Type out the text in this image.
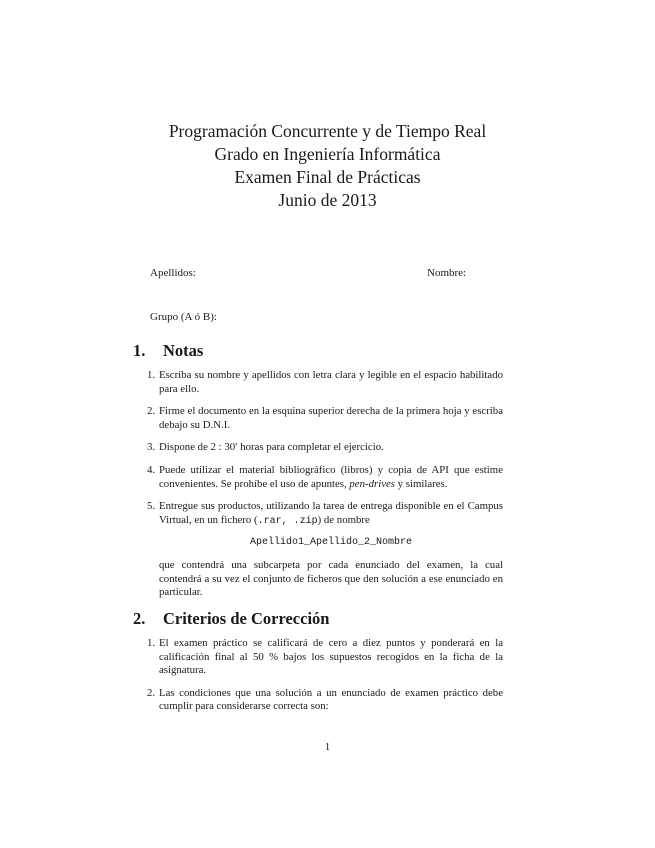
Programación Concurrente y de Tiempo Real
Grado en Ingeniería Informática
Examen Final de Prácticas
Junio de 2013
Apellidos:	Nombre:
Grupo (A ó B):
1. Notas
1. Escriba su nombre y apellidos con letra clara y legible en el espacio habilitado para ello.
2. Firme el documento en la esquina superior derecha de la primera hoja y escriba debajo su D.N.I.
3. Dispone de 2 : 30′ horas para completar el ejercicio.
4. Puede utilizar el material bibliográfico (libros) y copia de API que estime convenientes. Se prohíbe el uso de apuntes, pen-drives y similares.
5. Entregue sus productos, utilizando la tarea de entrega disponible en el Campus Virtual, en un fichero (.rar, .zip) de nombre
Apellido1_Apellido_2_Nombre
que contendrá una subcarpeta por cada enunciado del examen, la cual contendrá a su vez el conjunto de ficheros que den solución a ese enunciado en particular.
2. Criterios de Corrección
1. El examen práctico se calificará de cero a diez puntos y ponderará en la calificación final al 50 % bajos los supuestos recogidos en la ficha de la asignatura.
2. Las condiciones que una solución a un enunciado de examen práctico debe cumplir para considerarse correcta son:
1
